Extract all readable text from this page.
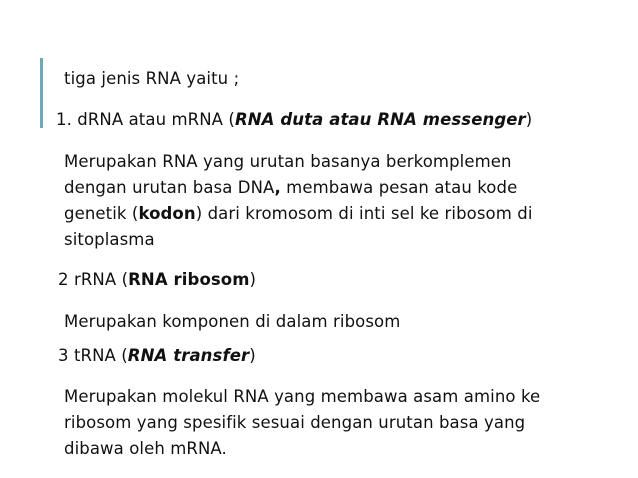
tiga jenis RNA yaitu ;
1. dRNA atau mRNA (RNA duta atau RNA messenger)
Merupakan RNA yang urutan basanya berkomplemen
dengan urutan basa DNA, membawa pesan atau kode
genetik (kodon) dari kromosom di inti sel ke ribosom di
sitoplasma
2 rRNA (RNA ribosom)
Merupakan komponen di dalam ribosom
3 tRNA (RNA transfer)
Merupakan molekul RNA yang membawa asam amino ke
ribosom yang spesifik sesuai dengan urutan basa yang
dibawa oleh mRNA.
